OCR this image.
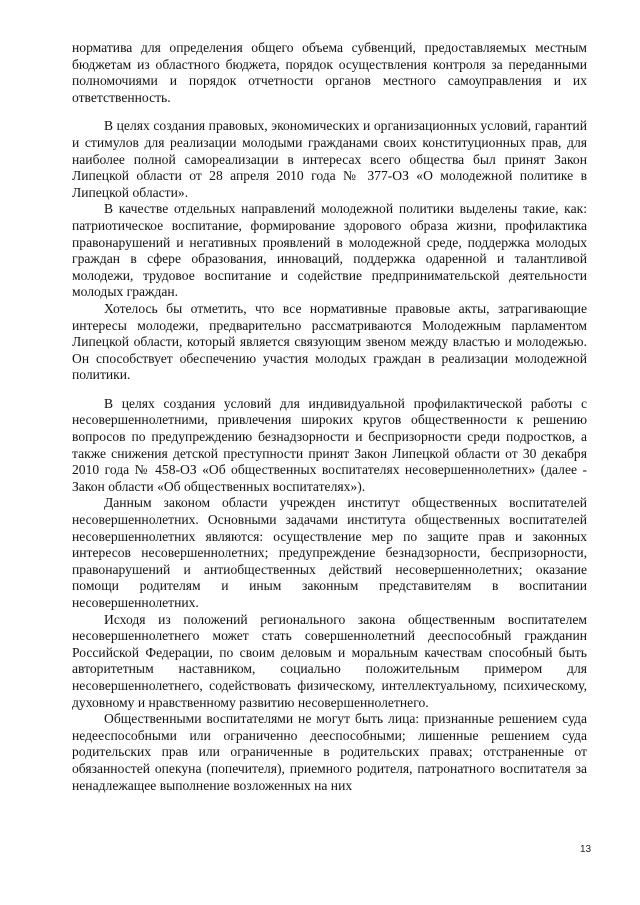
норматива для определения общего объема субвенций, предоставляемых местным бюджетам из областного бюджета, порядок осуществления контроля за переданными полномочиями и порядок отчетности органов местного самоуправления и их ответственность.

В целях создания правовых, экономических и организационных условий, гарантий и стимулов для реализации молодыми гражданами своих конституционных прав, для наиболее полной самореализации в интересах всего общества был принят Закон Липецкой области от 28 апреля 2010 года № 377-ОЗ «О молодежной политике в Липецкой области».

В качестве отдельных направлений молодежной политики выделены такие, как: патриотическое воспитание, формирование здорового образа жизни, профилактика правонарушений и негативных проявлений в молодежной среде, поддержка молодых граждан в сфере образования, инноваций, поддержка одаренной и талантливой молодежи, трудовое воспитание и содействие предпринимательской деятельности молодых граждан.

Хотелось бы отметить, что все нормативные правовые акты, затрагивающие интересы молодежи, предварительно рассматриваются Молодежным парламентом Липецкой области, который является связующим звеном между властью и молодежью. Он способствует обеспечению участия молодых граждан в реализации молодежной политики.

В целях создания условий для индивидуальной профилактической работы с несовершеннолетними, привлечения широких кругов общественности к решению вопросов по предупреждению безнадзорности и беспризорности среди подростков, а также снижения детской преступности принят Закон Липецкой области от 30 декабря 2010 года № 458-ОЗ «Об общественных воспитателях несовершеннолетних» (далее - Закон области «Об общественных воспитателях»).

Данным законом области учрежден институт общественных воспитателей несовершеннолетних. Основными задачами института общественных воспитателей несовершеннолетних являются: осуществление мер по защите прав и законных интересов несовершеннолетних; предупреждение безнадзорности, беспризорности, правонарушений и антиобщественных действий несовершеннолетних; оказание помощи родителям и иным законным представителям в воспитании несовершеннолетних.

Исходя из положений регионального закона общественным воспитателем несовершеннолетнего может стать совершеннолетний дееспособный гражданин Российской Федерации, по своим деловым и моральным качествам способный быть авторитетным наставником, социально положительным примером для несовершеннолетнего, содействовать физическому, интеллектуальному, психическому, духовному и нравственному развитию несовершеннолетнего.

Общественными воспитателями не могут быть лица: признанные решением суда недееспособными или ограниченно дееспособными; лишенные решением суда родительских прав или ограниченные в родительских правах; отстраненные от обязанностей опекуна (попечителя), приемного родителя, патронатного воспитателя за ненадлежащее выполнение возложенных на них

13
